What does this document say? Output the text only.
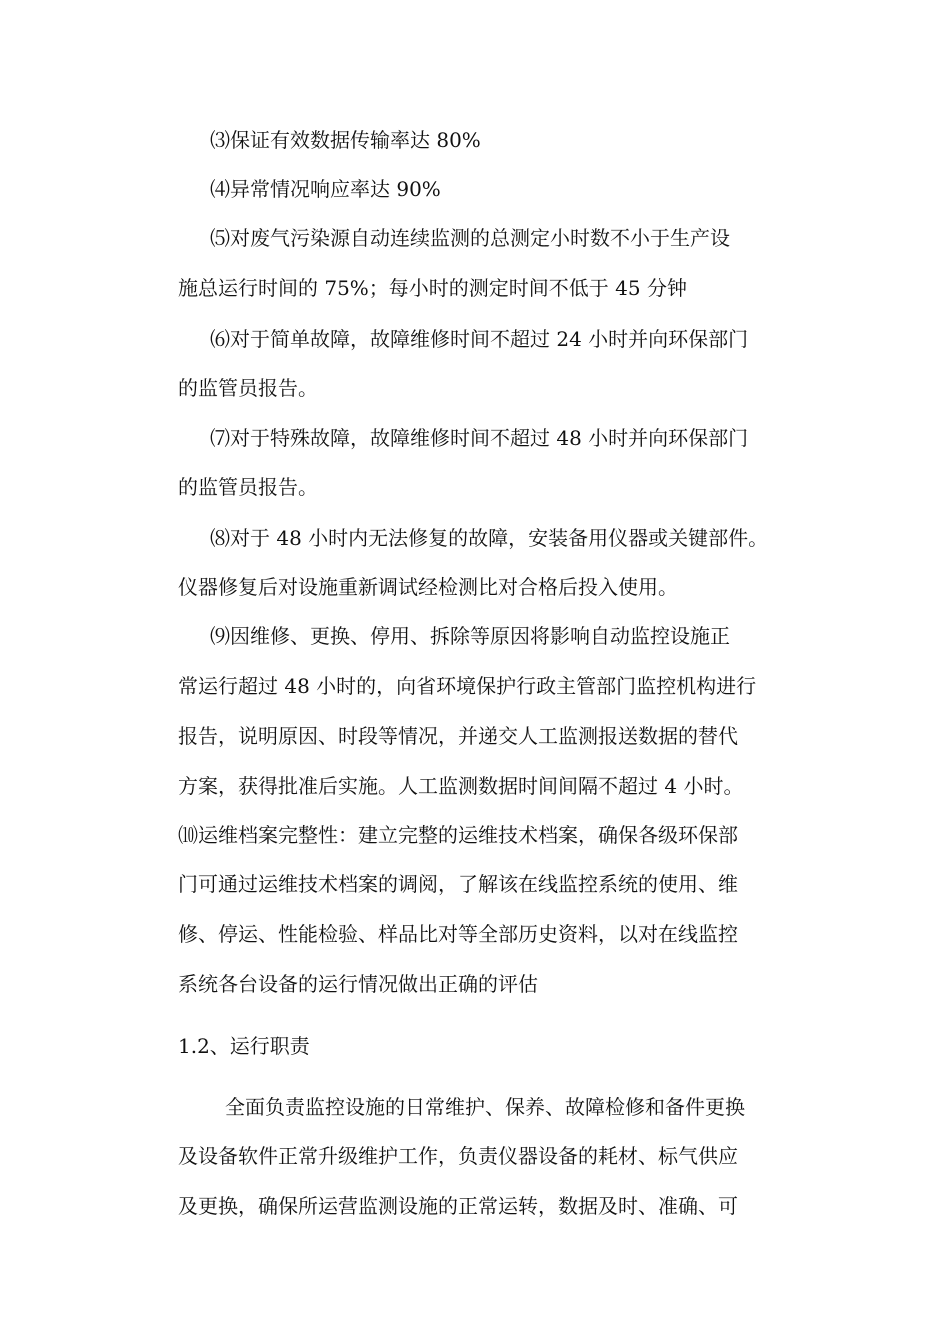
⑶保证有效数据传输率达 80%
⑷异常情况响应率达 90%
⑸对废气污染源自动连续监测的总测定小时数不小于生产设
施总运行时间的 75%；每小时的测定时间不低于 45 分钟
⑹对于简单故障，故障维修时间不超过 24 小时并向环保部门
的监管员报告。
⑺对于特殊故障，故障维修时间不超过 48 小时并向环保部门
的监管员报告。
⑻对于 48 小时内无法修复的故障，安装备用仪器或关键部件。
仪器修复后对设施重新调试经检测比对合格后投入使用。
⑼因维修、更换、停用、拆除等原因将影响自动监控设施正
常运行超过 48 小时的，向省环境保护行政主管部门监控机构进行
报告，说明原因、时段等情况，并递交人工监测报送数据的替代
方案，获得批准后实施。人工监测数据时间间隔不超过 4 小时。
⑽运维档案完整性：建立完整的运维技术档案，确保各级环保部
门可通过运维技术档案的调阅，了解该在线监控系统的使用、维
修、停运、性能检验、样品比对等全部历史资料，以对在线监控
系统各台设备的运行情况做出正确的评估
1.2、运行职责
全面负责监控设施的日常维护、保养、故障检修和备件更换
及设备软件正常升级维护工作，负责仪器设备的耗材、标气供应
及更换，确保所运营监测设施的正常运转，数据及时、准确、可
